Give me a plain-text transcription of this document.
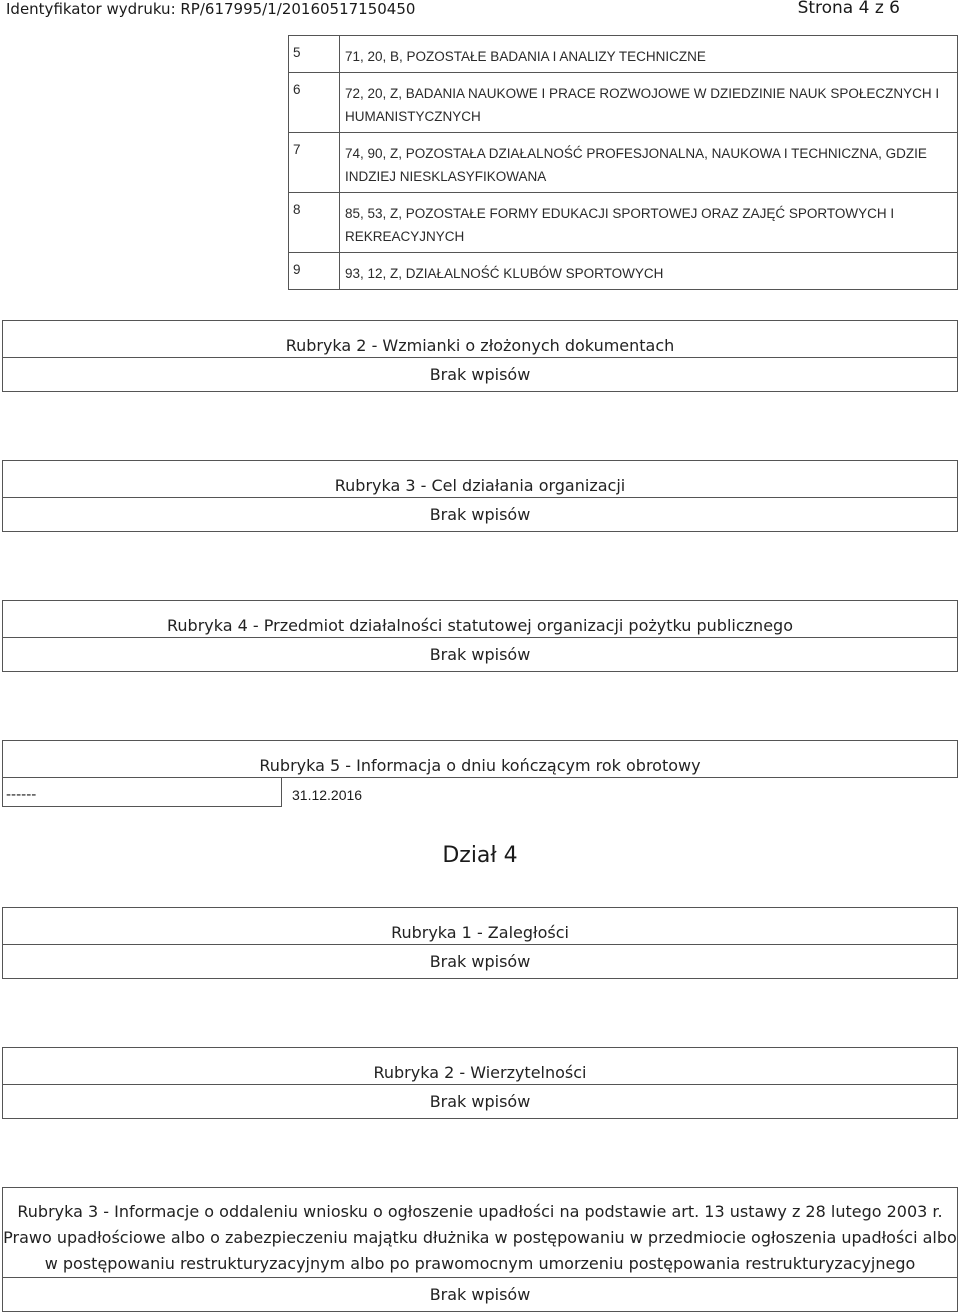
Identyfikator wydruku: RP/617995/1/20160517150450	Strona 4 z 6
5	71, 20, B, POZOSTAŁE BADANIA I ANALIZY TECHNICZNE
6	72, 20, Z, BADANIA NAUKOWE I PRACE ROZWOJOWE W DZIEDZINIE NAUK SPOŁECZNYCH I HUMANISTYCZNYCH
7	74, 90, Z, POZOSTAŁA DZIAŁALNOŚĆ PROFESJONALNA, NAUKOWA I TECHNICZNA, GDZIE INDZIEJ NIESKLASYFIKOWANA
8	85, 53, Z, POZOSTAŁE FORMY EDUKACJI SPORTOWEJ ORAZ ZAJĘĆ SPORTOWYCH I REKREACYJNYCH
9	93, 12, Z, DZIAŁALNOŚĆ KLUBÓW SPORTOWYCH
Rubryka 2 - Wzmianki o złożonych dokumentach
Brak wpisów
Rubryka 3 - Cel działania organizacji
Brak wpisów
Rubryka 4 - Przedmiot działalności statutowej organizacji pożytku publicznego
Brak wpisów
Rubryka 5 - Informacja o dniu kończącym rok obrotowy
------	31.12.2016
Dział 4
Rubryka 1 - Zaległości
Brak wpisów
Rubryka 2 - Wierzytelności
Brak wpisów
Rubryka 3 - Informacje o oddaleniu wniosku o ogłoszenie upadłości na podstawie art. 13 ustawy z 28 lutego 2003 r.
Prawo upadłościowe albo o zabezpieczeniu majątku dłużnika w postępowaniu w przedmiocie ogłoszenia upadłości albo
w postępowaniu restrukturyzacyjnym albo po prawomocnym umorzeniu postępowania restrukturyzacyjnego
Brak wpisów
